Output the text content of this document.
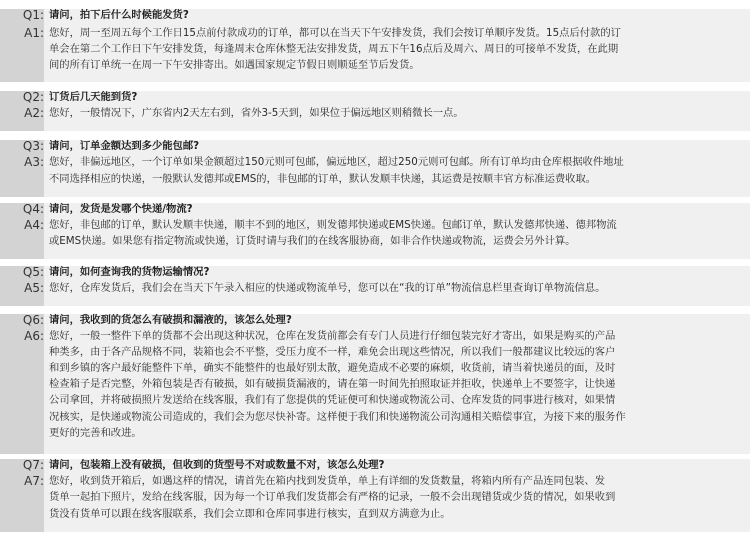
Q1: 请问，拍下后什么时候能发货?
A1: 您好，周一至周五每个工作日15点前付款成功的订单，都可以在当天下午安排发货，我们会按订单顺序发货。15点后付款的订
单会在第二个工作日下午安排发货，每逢周末仓库休整无法安排发货，周五下午16点后及周六、周日的可接单不发货，在此期
间的所有订单统一在周一下午安排寄出。如遇国家规定节假日则顺延至节后发货。
Q2: 订货后几天能到货?
A2: 您好，一般情况下，广东省内2天左右到，省外3-5天到，如果位于偏远地区则稍微长一点。
Q3: 请问，订单金额达到多少能包邮?
A3: 您好，非偏远地区，一个订单如果金额超过150元则可包邮，偏远地区，超过250元则可包邮。所有订单均由仓库根据收件地址
不同选择相应的快递，一般默认发德邦或EMS的，非包邮的订单，默认发顺丰快递，其运费是按顺丰官方标准运费收取。
Q4: 请问，发货是发哪个快递/物流?
A4: 您好，非包邮的订单，默认发顺丰快递，顺丰不到的地区，则发德邦快递或EMS快递。包邮订单，默认发德邦快递、德邦物流
或EMS快递。如果您有指定物流或快递，订货时请与我们的在线客服协商，如非合作快递或物流，运费会另外计算。
Q5: 请问，如何查询我的货物运输情况?
A5: 您好，仓库发货后，我们会在当天下午录入相应的快递或物流单号，您可以在“我的订单”物流信息栏里查询订单物流信息。
Q6: 请问，我收到的货怎么有破损和漏液的，该怎么处理?
A6: 您好，一般一整件下单的货都不会出现这种状况，仓库在发货前都会有专门人员进行仔细包装完好才寄出，如果是购买的产品
种类多，由于各产品规格不同，装箱也会不平整，受压力度不一样，难免会出现这些情况，所以我们一般都建议比较远的客户
和到乡镇的客户最好能整件下单，确实不能整件的也最好别太散，避免造成不必要的麻烦，收货前，请当着快递员的面，及时
检查箱子是否完整，外箱包装是否有破损，如有破损货漏液的，请在第一时间先拍照取证并拒收，快递单上不要签字，让快递
公司拿回，并将破损照片发送给在线客服，我们有了您提供的凭证便可和快递或物流公司、仓库发货的同事进行核对，如果情
况核实，是快递或物流公司造成的，我们会为您尽快补寄。这样便于我们和快递物流公司沟通相关赔偿事宜，为接下来的服务作
更好的完善和改进。
Q7: 请问，包装箱上没有破损，但收到的货型号不对或数量不对，该怎么处理?
A7: 您好，收到货开箱后，如遇这样的情况，请首先在箱内找到发货单，单上有详细的发货数量，将箱内所有产品连同包装、发
货单一起拍下照片，发给在线客服，因为每一个订单我们发货都会有严格的记录，一般不会出现错货或少货的情况，如果收到
货没有货单可以跟在线客服联系，我们会立即和仓库同事进行核实，直到双方满意为止。
